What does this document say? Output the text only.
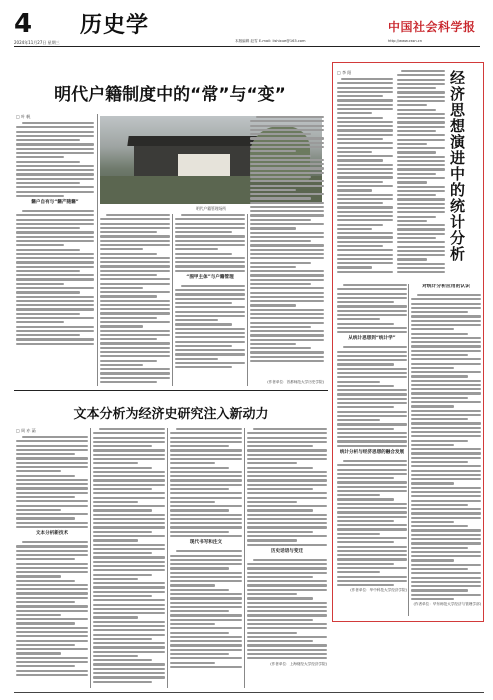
4
2024年11月27日 星期三
历史学
本版编辑 赵雪 E-mail: lishixue@163.com
中国社会科学报
http://www.cssn.cn
明代户籍制度中的“常”与“变”	经济思想演进中的统计分析
□ 李 阳
从统计思想到“统计学”
统计分析与经济思想的融合发展
(作者单位：华中科技大学经济学院)
对统计分析应用的认识
(作者单位：华东师范大学经济与管理学部)
□ 叶 帆
籍户自有与“籍产随籍”
明代户籍管理场所
“图甲主体”与户籍管理
(作者单位：首都师范大学历史学院)
文本分析为经济史研究注入新动力
□ 周 亦 菡
文本分析新技术
现代书写和注文
历史话语与变迁
(作者单位：上海财经大学经济学院)
